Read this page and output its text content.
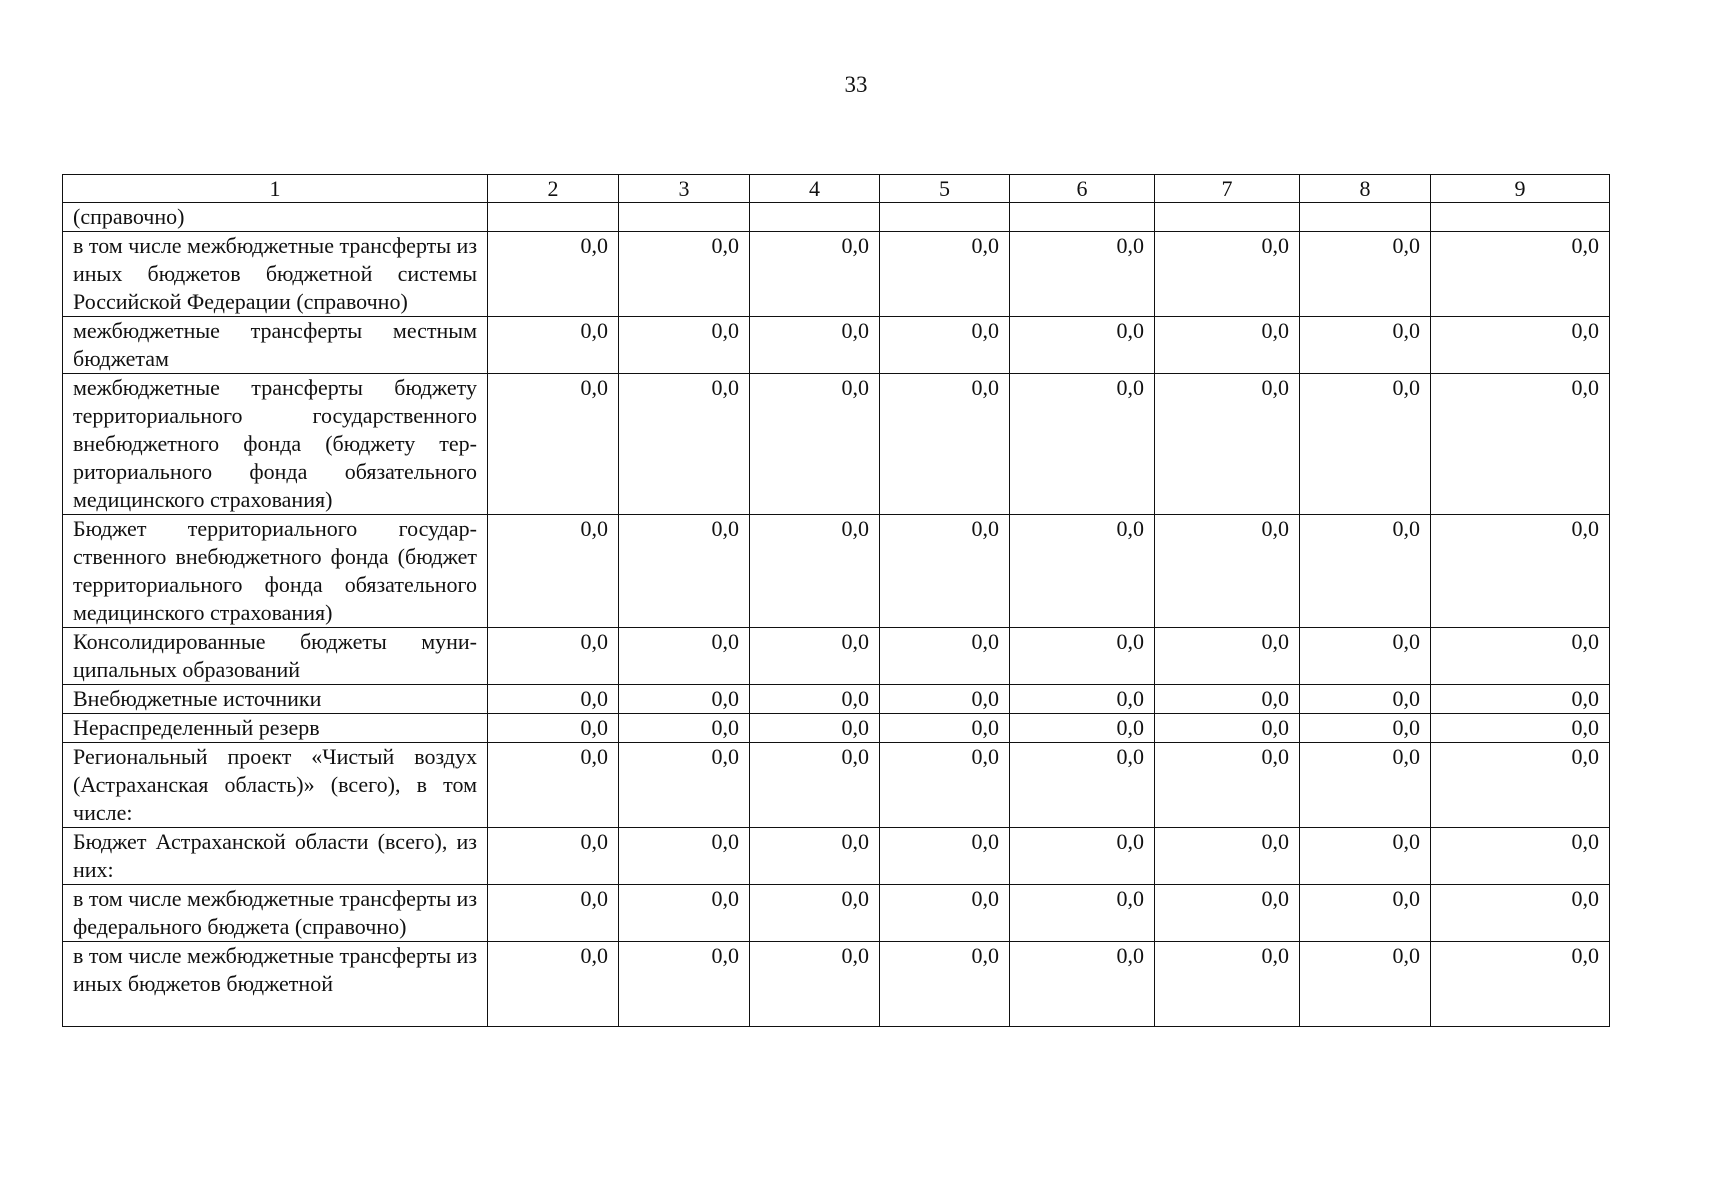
33
1	2	3	4	5	6	7	8	9
(справочно)								
в том числе межбюджетные трансферты из иных бюджетов бюджетной системы Российской Федерации (справочно)	0,0	0,0	0,0	0,0	0,0	0,0	0,0	0,0
межбюджетные трансферты местным бюджетам	0,0	0,0	0,0	0,0	0,0	0,0	0,0	0,0
межбюджетные трансферты бюджету территориального государственного внебюджетного фонда (бюджету территориального фонда обязательного медицинского страхования)	0,0	0,0	0,0	0,0	0,0	0,0	0,0	0,0
Бюджет территориального государственного внебюджетного фонда (бюджет территориального фонда обязательного медицинского страхования)	0,0	0,0	0,0	0,0	0,0	0,0	0,0	0,0
Консолидированные бюджеты муниципальных образований	0,0	0,0	0,0	0,0	0,0	0,0	0,0	0,0
Внебюджетные источники	0,0	0,0	0,0	0,0	0,0	0,0	0,0	0,0
Нераспределенный резерв	0,0	0,0	0,0	0,0	0,0	0,0	0,0	0,0
Региональный проект «Чистый воздух (Астраханская область)» (всего), в том числе:	0,0	0,0	0,0	0,0	0,0	0,0	0,0	0,0
Бюджет Астраханской области (всего), из них:	0,0	0,0	0,0	0,0	0,0	0,0	0,0	0,0
в том числе межбюджетные трансферты из федерального бюджета (справочно)	0,0	0,0	0,0	0,0	0,0	0,0	0,0	0,0
в том числе межбюджетные трансферты из иных бюджетов бюджетной	0,0	0,0	0,0	0,0	0,0	0,0	0,0	0,0
